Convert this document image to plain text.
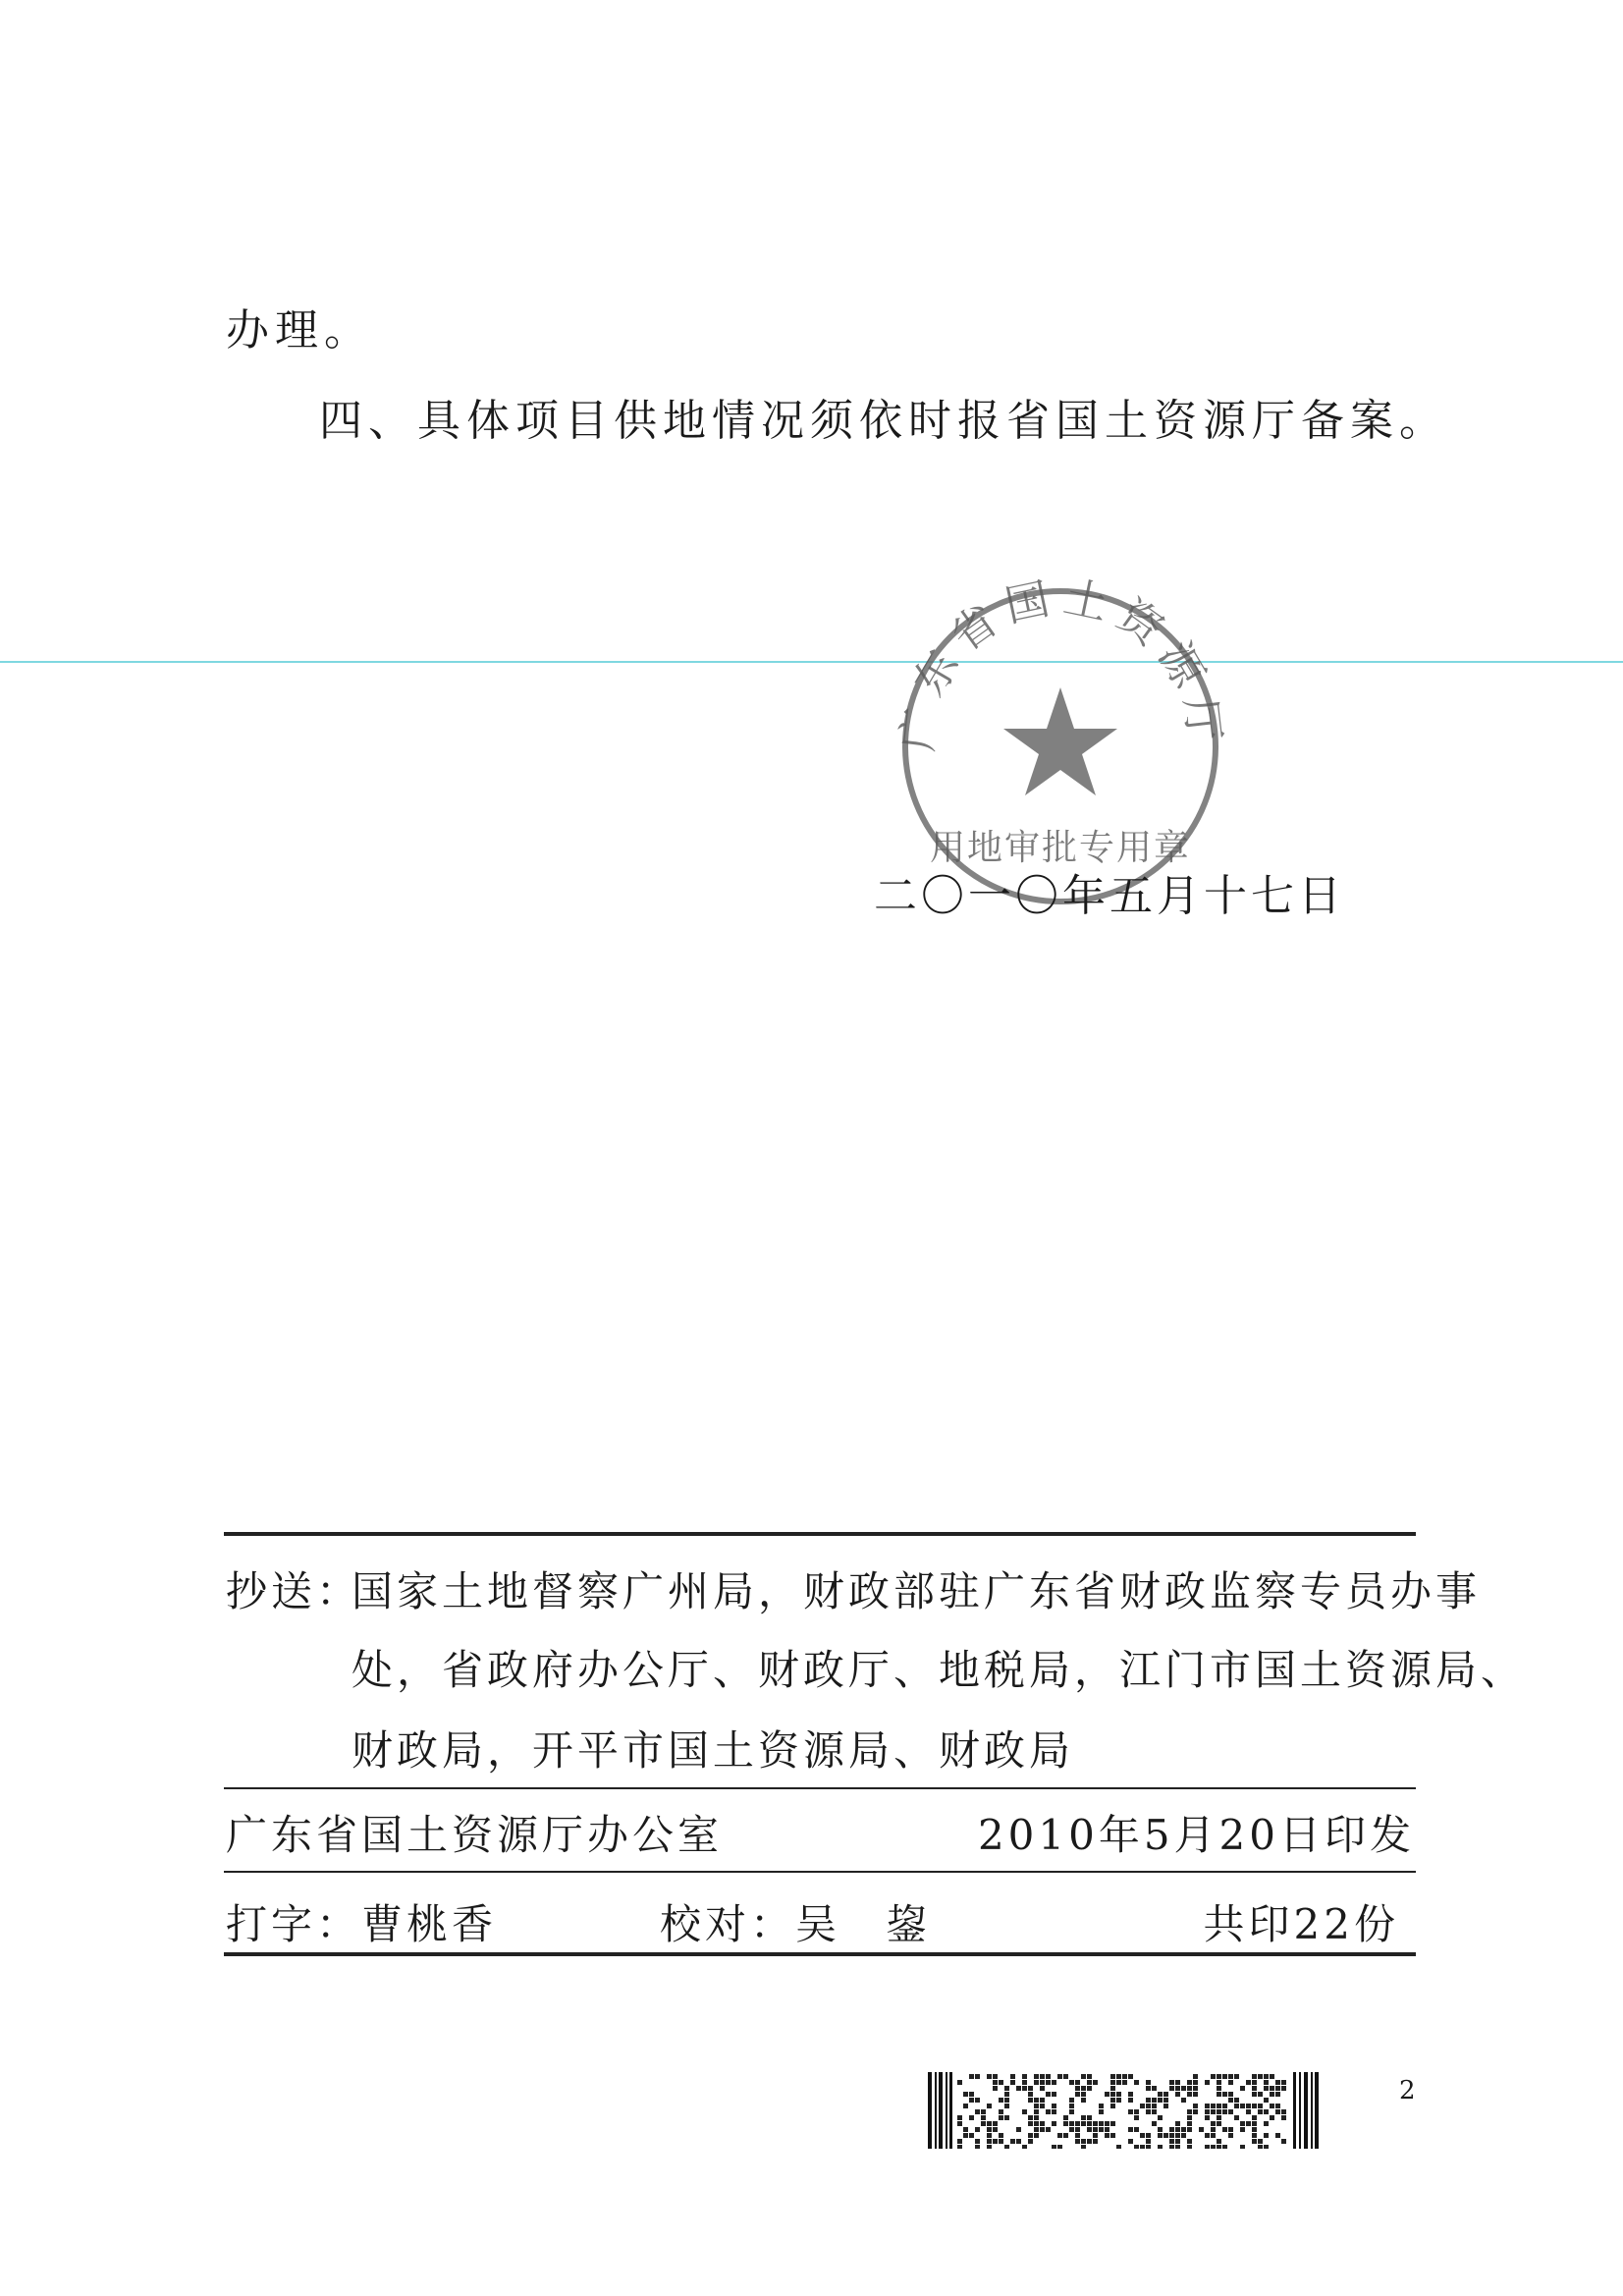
办理。
四、具体项目供地情况须依时报省国土资源厅备案。
广东省国土资源厅
用地审批专用章
二〇一〇年五月十七日
抄送：
国家土地督察广州局，财政部驻广东省财政监察专员办事
处，省政府办公厅、财政厅、地税局，江门市国土资源局、
财政局，开平市国土资源局、财政局
广东省国土资源厅办公室	2010年5月20日印发
打字：曹桃香	校对：吴　鋆	共印22份
2
